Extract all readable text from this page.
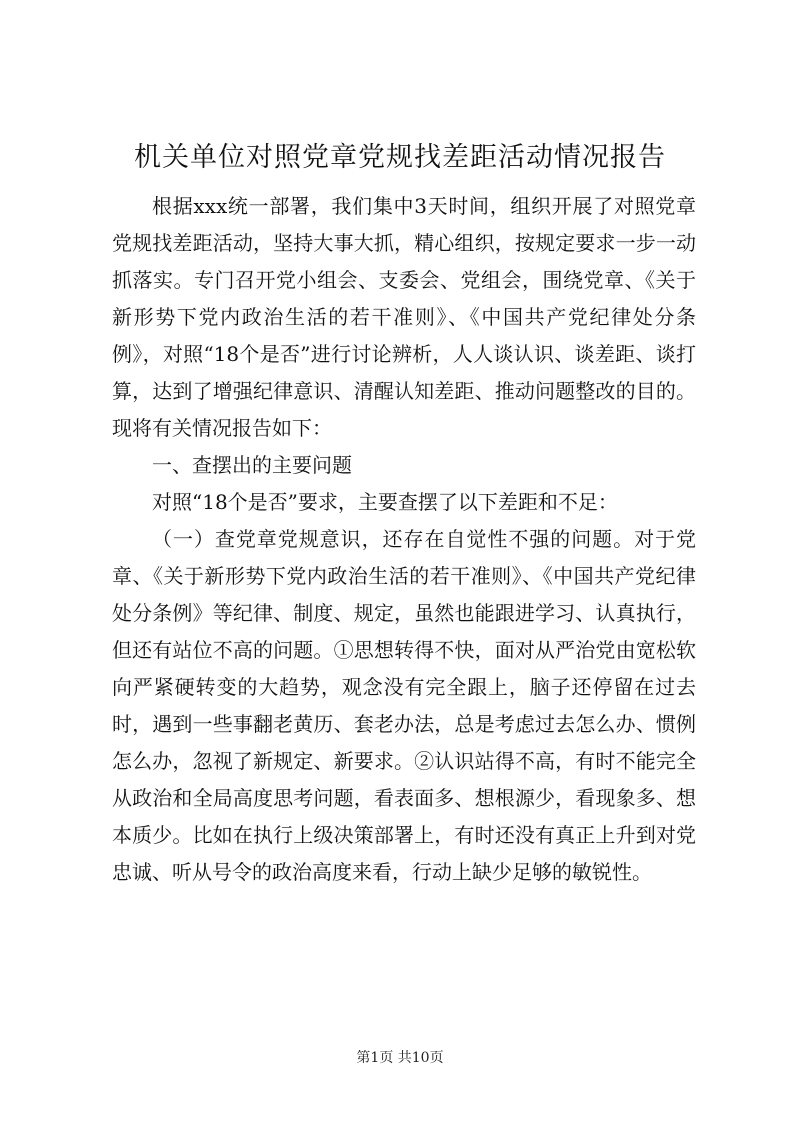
机关单位对照党章党规找差距活动情况报告

根据xxx统一部署，我们集中3天时间，组织开展了对照党章党规找差距活动，坚持大事大抓，精心组织，按规定要求一步一动抓落实。专门召开党小组会、支委会、党组会，围绕党章、《关于新形势下党内政治生活的若干准则》、《中国共产党纪律处分条例》，对照“18个是否”进行讨论辨析，人人谈认识、谈差距、谈打算，达到了增强纪律意识、清醒认知差距、推动问题整改的目的。现将有关情况报告如下：

一、查摆出的主要问题

对照“18个是否”要求，主要查摆了以下差距和不足：

（一）查党章党规意识，还存在自觉性不强的问题。对于党章、《关于新形势下党内政治生活的若干准则》、《中国共产党纪律处分条例》等纪律、制度、规定，虽然也能跟进学习、认真执行，但还有站位不高的问题。①思想转得不快，面对从严治党由宽松软向严紧硬转变的大趋势，观念没有完全跟上，脑子还停留在过去时，遇到一些事翻老黄历、套老办法，总是考虑过去怎么办、惯例怎么办，忽视了新规定、新要求。②认识站得不高，有时不能完全从政治和全局高度思考问题，看表面多、想根源少，看现象多、想本质少。比如在执行上级决策部署上，有时还没有真正上升到对党忠诚、听从号令的政治高度来看，行动上缺少足够的敏锐性。

第1页 共10页
